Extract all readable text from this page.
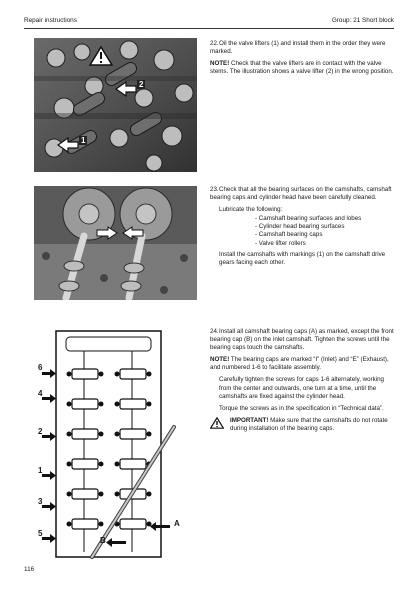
Repair instructions	Group: 21 Short block
2
1

22.Oil the valve lifters (1) and install them in the order they were marked.

NOTE! Check that the valve lifters are in contact with the valve stems. The illustration shows a valve lifter (2) in the wrong position.

23.Check that all the bearing surfaces on the camshafts, camshaft bearing caps and cylinder head have been carefully cleaned.

Lubricate the following:

- Camshaft bearing surfaces and lobes
- Cylinder head bearing surfaces
- Camshaft bearing caps
- Valve lifter rollers

Install the camshafts with markings (1) on the camshaft drive gears facing each other.

6
4
2
1
3
5
A
B

24.Install all camshaft bearing caps (A) as marked, except the front bearing cap (B) on the inlet camshaft. Tighten the screws until the bearing caps touch the camshafts.

NOTE! The bearing caps are marked “I” (Inlet) and “E” (Exhaust), and numbered 1-6 to facilitate assembly.

Carefully tighten the screws for caps 1-6 alternately, working from the center and outwards, one turn at a time, until the camshafts are fixed against the cylinder head.

Torque the screws as in the specification in “Technical data”.

IMPORTANT! Make sure that the camshafts do not rotate during installation of the bearing caps.

116
